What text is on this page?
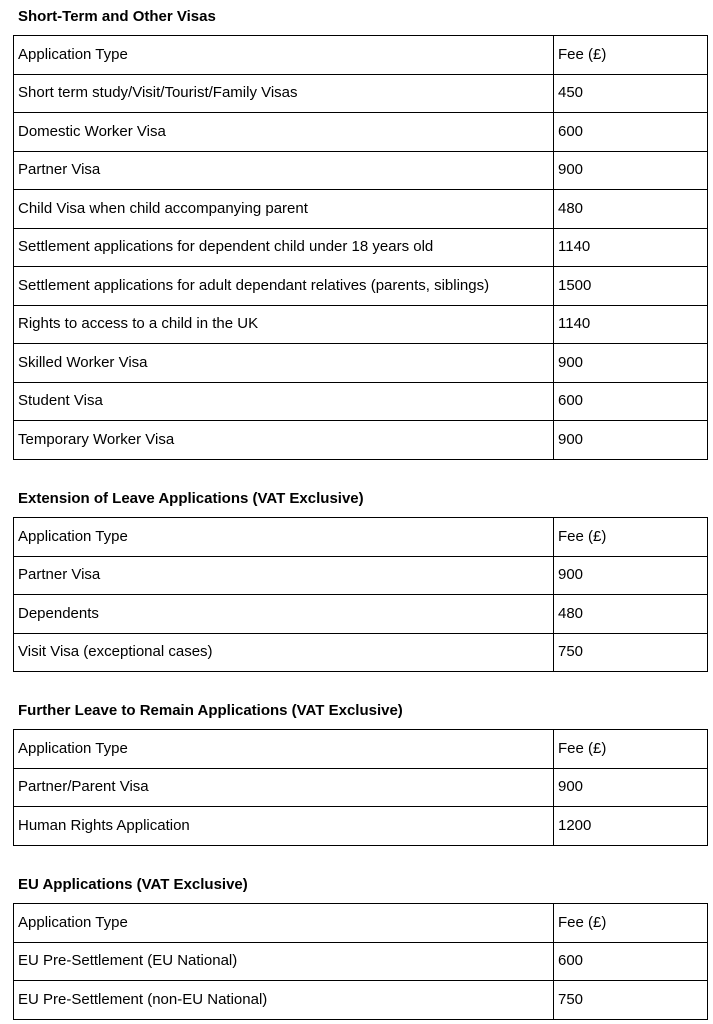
Short-Term and Other Visas
Application Type	Fee (£)
Short term study/Visit/Tourist/Family Visas	450
Domestic Worker Visa	600
Partner Visa	900
Child Visa when child accompanying parent	480
Settlement applications for dependent child under 18 years old	1140
Settlement applications for adult dependant relatives (parents, siblings)	1500
Rights to access to a child in the UK	1140
Skilled Worker Visa	900
Student Visa	600
Temporary Worker Visa	900
Extension of Leave Applications (VAT Exclusive)
Application Type	Fee (£)
Partner Visa	900
Dependents	480
Visit Visa (exceptional cases)	750
Further Leave to Remain Applications (VAT Exclusive)
Application Type	Fee (£)
Partner/Parent Visa	900
Human Rights Application	1200
EU Applications (VAT Exclusive)
Application Type	Fee (£)
EU Pre-Settlement (EU National)	600
EU Pre-Settlement (non-EU National)	750
